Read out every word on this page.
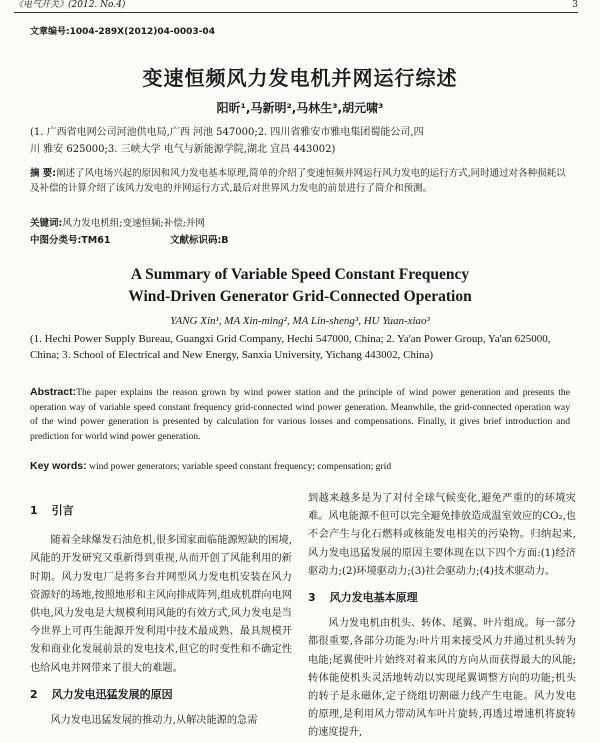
《电气开关》(2012. No.4)	3
文章编号:1004-289X(2012)04-0003-04
变速恒频风力发电机并网运行综述
阳昕¹,马新明²,马林生³,胡元啸³
(1. 广西省电网公司河池供电局,广西 河池 547000;2. 四川省雅安市雅电集团蜀能公司,四
川 雅安 625000;3. 三峡大学 电气与新能源学院,湖北 宜昌 443002)
摘 要:阐述了风电场兴起的原因和风力发电基本原理,简单的介绍了变速恒频并网运行风力发电的运行方式,同时通过对各种损耗以及补偿的计算介绍了该风力发电的并网运行方式,最后对世界风力发电的前景进行了简介和预测。
关键词:风力发电机组;变速恒频;补偿;并网
中图分类号:TM61	文献标识码:B
A Summary of Variable Speed Constant Frequency
Wind-Driven Generator Grid-Connected Operation
YANG Xin¹, MA Xin-ming², MA Lin-sheng³, HU Yuan-xiao³
(1. Hechi Power Supply Bureau, Guangxi Grid Company, Hechi 547000, China; 2. Ya'an Power Group, Ya'an 625000, China; 3. School of Electrical and New Energy, Sanxia University, Yichang 443002, China)
Abstract:The paper explains the reason grown by wind power station and the principle of wind power generation and presents the operation way of variable speed constant frequency grid-connected wind power generation. Meanwhile, the grid-connected operation way of the wind power generation is presented by calculation for various losses and compensations. Finally, it gives brief introduction and prediction for world wind power generation.
Key words: wind power generators; variable speed constant frequency; compensation; grid
1 引言

随着全球爆发石油危机,很多国家面临能源短缺的困境,风能的开发研究又重新得到重视,从而开创了风能利用的新时期。风力发电厂是将多台并网型风力发电机安装在风力资源好的场地,按照地形和主风向排成阵列,组成机群向电网供电,风力发电是大规模利用风能的有效方式,风力发电是当今世界上可再生能源开发利用中技术最成熟、最具规模开发和商业化发展前景的发电技术,但它的时变性和不确定性也给风电并网带来了很大的难题。

2 风力发电迅猛发展的原因

风力发电迅猛发展的推动力,从解决能源的急需

到越来越多是为了对付全球气候变化,避免严重的的环境灾难。风电能源不但可以完全避免排放造成温室效应的CO₂,也不会产生与化石燃料或核能发电相关的污染物。归纳起来,风力发电迅猛发展的原因主要体现在以下四个方面:(1)经济驱动力;(2)环境驱动力;(3)社会驱动力;(4)技术驱动力。

3 风力发电基本原理

风力发电机由机头、转体、尾翼、叶片组成。每一部分都很重要,各部分功能为:叶片用来接受风力并通过机头转为电能;尾翼使叶片始终对着来风的方向从而获得最大的风能;转体能使机头灵活地转动以实现尾翼调整方向的功能;机头的转子是永磁体,定子绕组切割磁力线产生电能。风力发电的原理,是利用风力带动风车叶片旋转,再透过增速机将旋转的速度提升,
